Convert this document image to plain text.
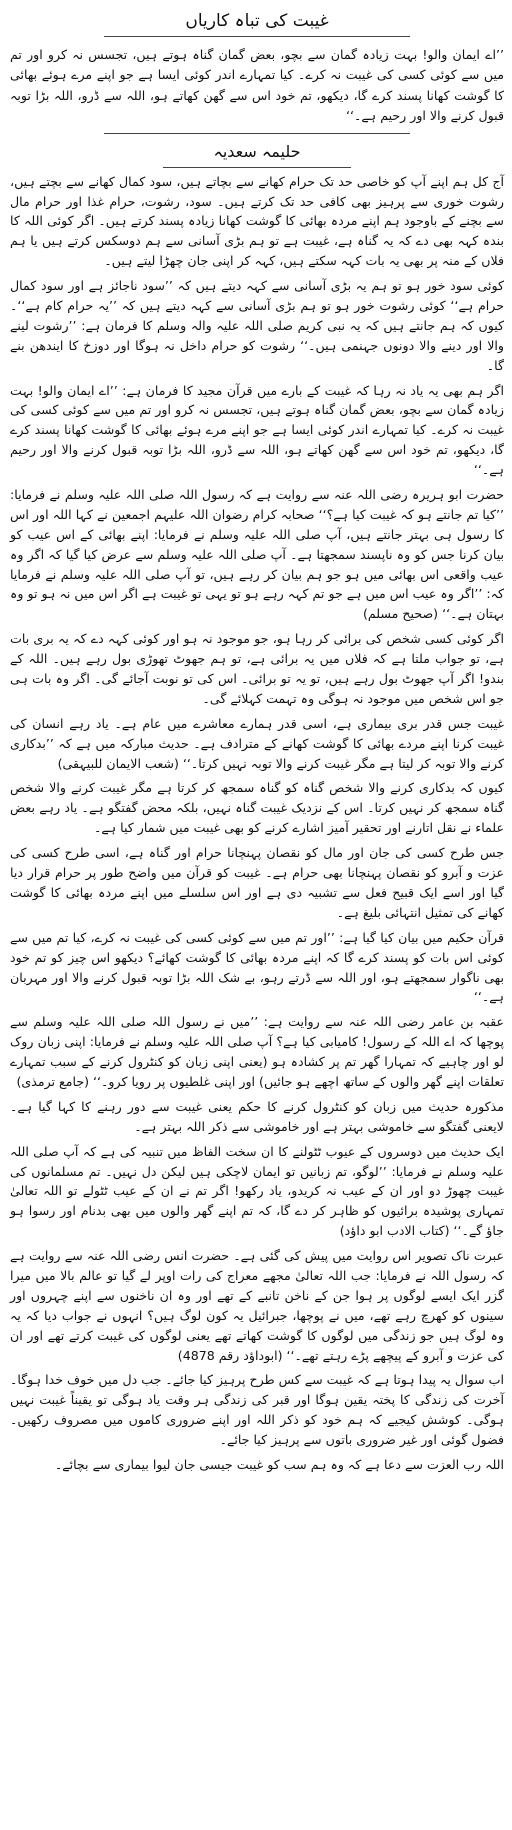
غیبت کی تباہ کاریاں
’’اے ایمان والو! بہت زیادہ گمان سے بچو، بعض گمان گناہ ہوتے ہیں، تجسس نہ کرو اور تم میں سے کوئی کسی کی غیبت نہ کرے۔ کیا تمہارے اندر کوئی ایسا ہے جو اپنے مرے ہوئے بھائی کا گوشت کھانا پسند کرے گا، دیکھو، تم خود اس سے گھن کھاتے ہو، اللہ سے ڈرو، اللہ بڑا توبہ قبول کرنے والا اور رحیم ہے۔‘‘
حلیمہ سعدیہ
آج کل ہم اپنے آپ کو خاصی حد تک حرام کھانے سے بچاتے ہیں، سود کمال کھانے سے بچتے ہیں، رشوت خوری سے پرہیز بھی کافی حد تک کرتے ہیں۔ سود، رشوت، حرام غذا اور حرام مال سے بچنے کے باوجود ہم اپنے مردہ بھائی کا گوشت کھانا زیادہ پسند کرتے ہیں۔ اگر کوئی اللہ کا بندہ کہہ بھی دے کہ یہ گناہ ہے، غیبت ہے تو ہم بڑی آسانی سے ہم دوسکس کرتے ہیں یا ہم فلاں کے منہ پر بھی یہ بات کہہ سکتے ہیں، کہہ کر اپنی جان چھڑا لیتے ہیں۔
کوئی سود خور ہو تو ہم یہ بڑی آسانی سے کہہ دیتے ہیں کہ ’’سود ناجائز ہے اور سود کمال حرام ہے‘‘ کوئی رشوت خور ہو تو ہم بڑی آسانی سے کہہ دیتے ہیں کہ ’’یہ حرام کام ہے‘‘۔ کیوں کہ ہم جانتے ہیں کہ یہ نبی کریم صلی اللہ علیہ والہ وسلم کا فرمان ہے: ’’رشوت لینے والا اور دینے والا دونوں جہنمی ہیں۔‘‘ رشوت کو حرام داخل نہ ہوگا اور دوزخ کا ایندھن بنے گا۔
اگر ہم بھی یہ یاد نہ رہا کہ غیبت کے بارے میں قرآن مجید کا فرمان ہے: ’’اے ایمان والو! بہت زیادہ گمان سے بچو، بعض گمان گناہ ہوتے ہیں، تجسس نہ کرو اور تم میں سے کوئی کسی کی غیبت نہ کرے۔ کیا تمہارے اندر کوئی ایسا ہے جو اپنے مرے ہوئے بھائی کا گوشت کھانا پسند کرے گا، دیکھو، تم خود اس سے گھن کھاتے ہو، اللہ سے ڈرو، اللہ بڑا توبہ قبول کرنے والا اور رحیم ہے۔‘‘
حضرت ابو ہریرہ رضی اللہ عنہ سے روایت ہے کہ رسول اللہ صلی اللہ علیہ وسلم نے فرمایا: ’’کیا تم جانتے ہو کہ غیبت کیا ہے؟‘‘ صحابہ کرام رضوان اللہ علیہم اجمعین نے کہا اللہ اور اس کا رسول ہی بہتر جانتے ہیں، آپ صلی اللہ علیہ وسلم نے فرمایا: اپنے بھائی کے اس عیب کو بیان کرنا جس کو وہ ناپسند سمجھتا ہے۔ آپ صلی اللہ علیہ وسلم سے عرض کیا گیا کہ اگر وہ عیب واقعی اس بھائی میں ہو جو ہم بیان کر رہے ہیں، تو آپ صلی اللہ علیہ وسلم نے فرمایا کہ: ’’اگر وہ عیب اس میں ہے جو تم کہہ رہے ہو تو یہی تو غیبت ہے اگر اس میں نہ ہو تو وہ بہتان ہے۔‘‘ (صحیح مسلم)
اگر کوئی کسی شخص کی برائی کر رہا ہو، جو موجود نہ ہو اور کوئی کہہ دے کہ یہ بری بات ہے، تو جواب ملتا ہے کہ فلاں میں یہ برائی ہے، تو ہم جھوٹ تھوڑی بول رہے ہیں۔ اللہ کے بندو! اگر آپ جھوٹ بول رہے ہیں، تو یہ تو برائی۔ اس کی تو نوبت آجائے گی۔ اگر وہ بات ہی جو اس شخص میں موجود نہ ہوگی وہ تہمت کہلائے گی۔
غیبت جس قدر بری بیماری ہے، اسی قدر ہمارے معاشرے میں عام ہے۔ یاد رہے انسان کی غیبت کرنا اپنے مردے بھائی کا گوشت کھانے کے مترادف ہے۔ حدیث مبارکہ میں ہے کہ ’’بدکاری کرنے والا توبہ کر لیتا ہے مگر غیبت کرنے والا توبہ نہیں کرتا۔‘‘ (شعب الایمان للبیہقی)
کیوں کہ بدکاری کرنے والا شخص گناہ کو گناہ سمجھ کر کرتا ہے مگر غیبت کرنے والا شخص گناہ سمجھ کر نہیں کرتا۔ اس کے نزدیک غیبت گناہ نہیں، بلکہ محض گفتگو ہے۔ یاد رہے بعض علماء نے نقل اتارنے اور تحقیر آمیز اشارے کرنے کو بھی غیبت میں شمار کیا ہے۔
جس طرح کسی کی جان اور مال کو نقصان پہنچانا حرام اور گناہ ہے، اسی طرح کسی کی عزت و آبرو کو نقصان پہنچانا بھی حرام ہے۔ غیبت کو قرآن میں واضح طور پر حرام قرار دیا گیا اور اسے ایک قبیح فعل سے تشبیہ دی ہے اور اس سلسلے میں اپنے مردہ بھائی کا گوشت کھانے کی تمثیل انتہائی بلیغ ہے۔
قرآن حکیم میں بیان کیا گیا ہے: ’’اور تم میں سے کوئی کسی کی غیبت نہ کرے، کیا تم میں سے کوئی اس بات کو پسند کرے گا کہ اپنے مردہ بھائی کا گوشت کھائے؟ دیکھو اس چیز کو تم خود بھی ناگوار سمجھتے ہو، اور اللہ سے ڈرتے رہو، بے شک اللہ بڑا توبہ قبول کرنے والا اور مہربان ہے۔‘‘
عقبہ بن عامر رضی اللہ عنہ سے روایت ہے: ’’میں نے رسول اللہ صلی اللہ علیہ وسلم سے پوچھا کہ اے اللہ کے رسول! کامیابی کیا ہے؟ آپ صلی اللہ علیہ وسلم نے فرمایا: اپنی زبان روک لو اور چاہیے کہ تمہارا گھر تم پر کشادہ ہو (یعنی اپنی زبان کو کنٹرول کرنے کے سبب تمہارے تعلقات اپنے گھر والوں کے ساتھ اچھے ہو جائیں) اور اپنی غلطیوں پر رویا کرو۔‘‘ (جامع ترمذی)
مذکورہ حدیث میں زبان کو کنٹرول کرنے کا حکم یعنی غیبت سے دور رہنے کا کہا گیا ہے۔ لایعنی گفتگو سے خاموشی بہتر ہے اور خاموشی سے ذکر اللہ بہتر ہے۔
ایک حدیث میں دوسروں کے عیوب ٹٹولنے کا ان سخت الفاظ میں تنبیہ کی ہے کہ آپ صلی اللہ علیہ وسلم نے فرمایا: ’’لوگو، تم زبانیں تو ایمان لاچکی ہیں لیکن دل نہیں۔ تم مسلمانوں کی غیبت چھوڑ دو اور ان کے عیب نہ کریدو، یاد رکھو! اگر تم نے ان کے عیب ٹٹولے تو اللہ تعالیٰ تمہاری پوشیدہ برائیوں کو ظاہر کر دے گا، کہ تم اپنے گھر والوں میں بھی بدنام اور رسوا ہو جاؤ گے۔‘‘ (کتاب الادب ابو داؤد)
عبرت ناک تصویر اس روایت میں پیش کی گئی ہے۔ حضرت انس رضی اللہ عنہ سے روایت ہے کہ رسول اللہ نے فرمایا: جب اللہ تعالیٰ مجھے معراج کی رات اوپر لے گیا تو عالم بالا میں میرا گزر ایک ایسے لوگوں پر ہوا جن کے ناخن تانبے کے تھے اور وہ ان ناخنوں سے اپنے چہروں اور سینوں کو کھرچ رہے تھے، میں نے پوچھا، جبرائیل یہ کون لوگ ہیں؟ انہوں نے جواب دیا کہ یہ وہ لوگ ہیں جو زندگی میں لوگوں کا گوشت کھاتے تھے یعنی لوگوں کی غیبت کرتے تھے اور ان کی عزت و آبرو کے پیچھے پڑے رہتے تھے۔‘‘ (ابوداؤد رقم 4878)
اب سوال یہ پیدا ہوتا ہے کہ غیبت سے کس طرح پرہیز کیا جائے۔ جب دل میں خوف خدا ہوگا۔ آخرت کی زندگی کا پختہ یقین ہوگا اور قبر کی زندگی ہر وقت یاد ہوگی تو یقیناً غیبت نہیں ہوگی۔ کوشش کیجیے کہ ہم خود کو ذکر اللہ اور اپنے ضروری کاموں میں مصروف رکھیں۔ فضول گوئی اور غیر ضروری باتوں سے پرہیز کیا جائے۔
اللہ رب العزت سے دعا ہے کہ وہ ہم سب کو غیبت جیسی جان لیوا بیماری سے بچائے۔
